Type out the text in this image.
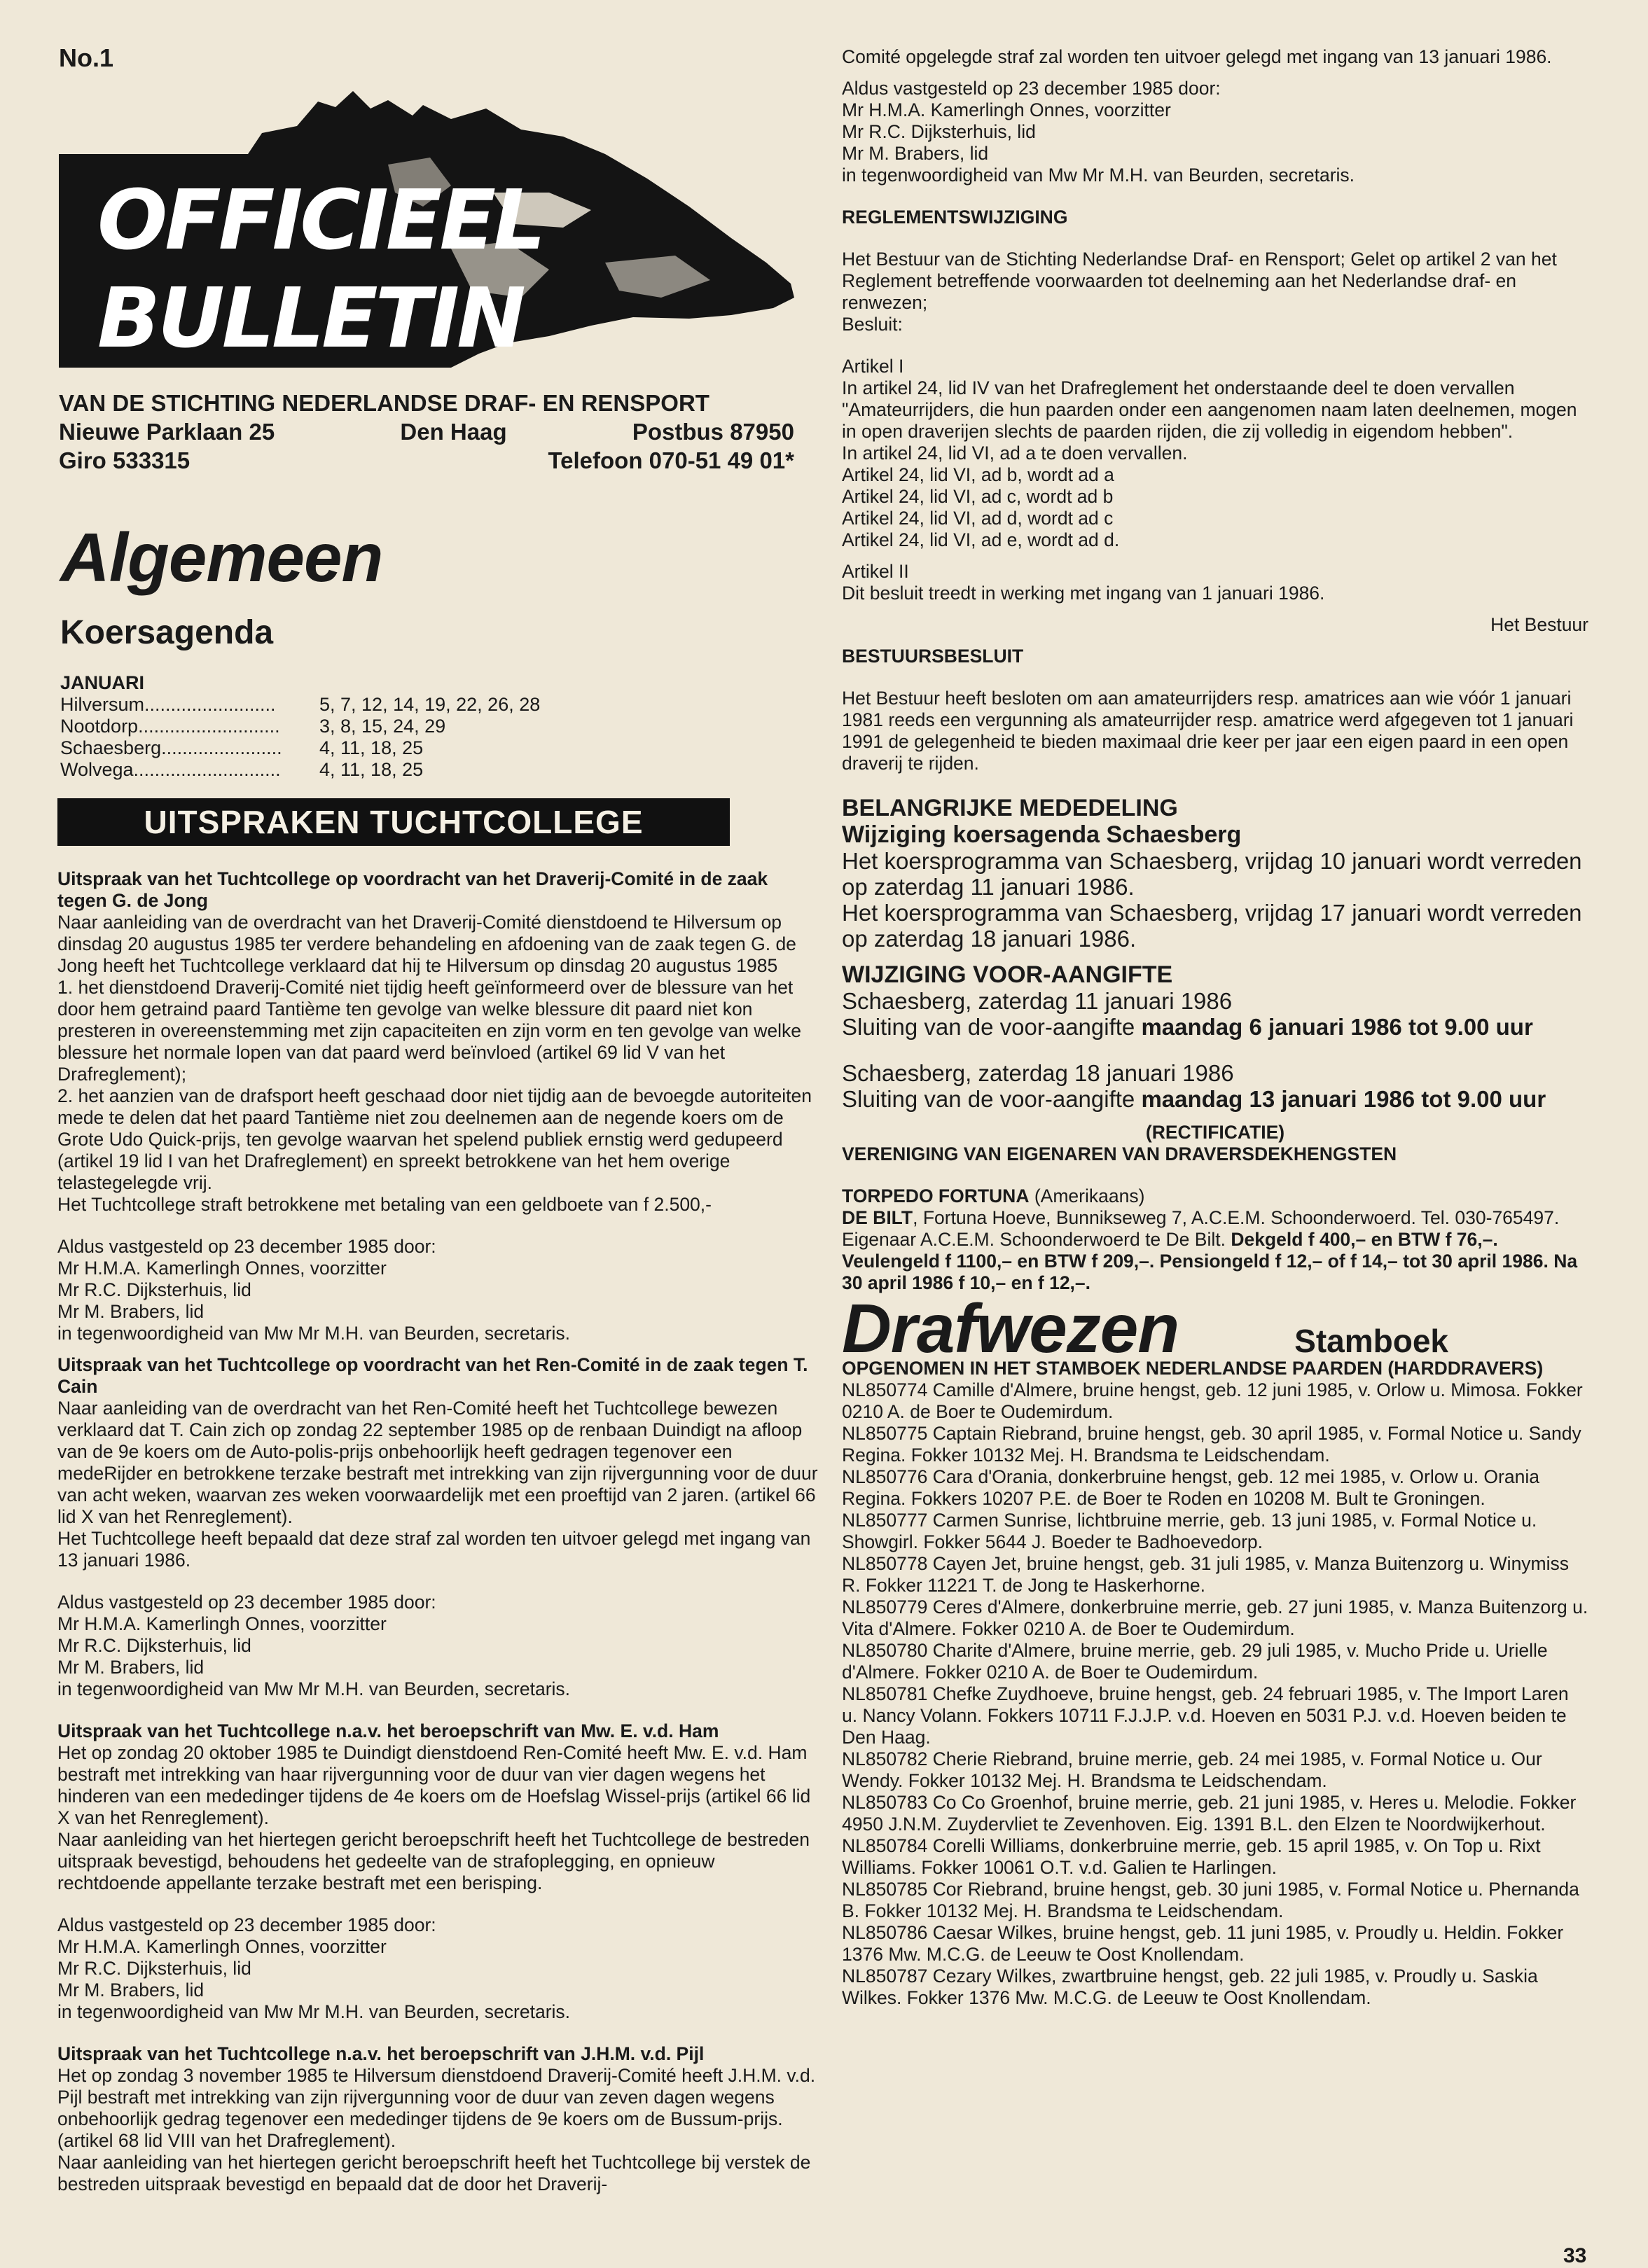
No.1
OFFICIEEL
BULLETIN
VAN DE STICHTING NEDERLANDSE DRAF- EN RENSPORT
Nieuwe Parklaan 25	Den Haag	Postbus 87950
Giro 533315	Telefoon 070-51 49 01*
Algemeen
Koersagenda
JANUARI
Hilversum.........................	5, 7, 12, 14, 19, 22, 26, 28
Nootdorp...........................	3, 8, 15, 24, 29
Schaesberg.......................	4, 11, 18, 25
Wolvega............................	4, 11, 18, 25
UITSPRAKEN TUCHTCOLLEGE

Uitspraak van het Tuchtcollege op voordracht van het Draverij-Comité in de zaak tegen G. de Jong

Naar aanleiding van de overdracht van het Draverij-Comité dienstdoend te Hilversum op dinsdag 20 augustus 1985 ter verdere behandeling en afdoening van de zaak tegen G. de Jong heeft het Tuchtcollege verklaard dat hij te Hilversum op dinsdag 20 augustus 1985

1. het dienstdoend Draverij-Comité niet tijdig heeft geïnformeerd over de blessure van het door hem getraind paard Tantième ten gevolge van welke blessure dit paard niet kon presteren in overeenstemming met zijn capaciteiten en zijn vorm en ten gevolge van welke blessure het normale lopen van dat paard werd beïnvloed (artikel 69 lid V van het Drafreglement);

2. het aanzien van de drafsport heeft geschaad door niet tijdig aan de bevoegde autoriteiten mede te delen dat het paard Tantième niet zou deelnemen aan de negende koers om de Grote Udo Quick-prijs, ten gevolge waarvan het spelend publiek ernstig werd gedupeerd (artikel 19 lid I van het Drafreglement) en spreekt betrokkene van het hem overige telastegelegde vrij.

Het Tuchtcollege straft betrokkene met betaling van een geldboete van f 2.500,-

Aldus vastgesteld op 23 december 1985 door:

Mr H.M.A. Kamerlingh Onnes, voorzitter

Mr R.C. Dijksterhuis, lid

Mr M. Brabers, lid

in tegenwoordigheid van Mw Mr M.H. van Beurden, secretaris.

Uitspraak van het Tuchtcollege op voordracht van het Ren-Comité in de zaak tegen T. Cain

Naar aanleiding van de overdracht van het Ren-Comité heeft het Tuchtcollege bewezen verklaard dat T. Cain zich op zondag 22 september 1985 op de renbaan Duindigt na afloop van de 9e koers om de Auto-polis-prijs onbehoorlijk heeft gedragen tegenover een medeRijder en betrokkene terzake bestraft met intrekking van zijn rijvergunning voor de duur van acht weken, waarvan zes weken voorwaardelijk met een proeftijd van 2 jaren. (artikel 66 lid X van het Renreglement).

Het Tuchtcollege heeft bepaald dat deze straf zal worden ten uitvoer gelegd met ingang van 13 januari 1986.

Aldus vastgesteld op 23 december 1985 door:

Mr H.M.A. Kamerlingh Onnes, voorzitter

Mr R.C. Dijksterhuis, lid

Mr M. Brabers, lid

in tegenwoordigheid van Mw Mr M.H. van Beurden, secretaris.

Uitspraak van het Tuchtcollege n.a.v. het beroepschrift van Mw. E. v.d. Ham

Het op zondag 20 oktober 1985 te Duindigt dienstdoend Ren-Comité heeft Mw. E. v.d. Ham bestraft met intrekking van haar rijvergunning voor de duur van vier dagen wegens het hinderen van een mededinger tijdens de 4e koers om de Hoefslag Wissel-prijs (artikel 66 lid X van het Renreglement).

Naar aanleiding van het hiertegen gericht beroepschrift heeft het Tuchtcollege de bestreden uitspraak bevestigd, behoudens het gedeelte van de strafoplegging, en opnieuw rechtdoende appellante terzake bestraft met een berisping.

Aldus vastgesteld op 23 december 1985 door:

Mr H.M.A. Kamerlingh Onnes, voorzitter

Mr R.C. Dijksterhuis, lid

Mr M. Brabers, lid

in tegenwoordigheid van Mw Mr M.H. van Beurden, secretaris.

Uitspraak van het Tuchtcollege n.a.v. het beroepschrift van J.H.M. v.d. Pijl

Het op zondag 3 november 1985 te Hilversum dienstdoend Draverij-Comité heeft J.H.M. v.d. Pijl bestraft met intrekking van zijn rijvergunning voor de duur van zeven dagen wegens onbehoorlijk gedrag tegenover een mededinger tijdens de 9e koers om de Bussum-prijs. (artikel 68 lid VIII van het Drafreglement).

Naar aanleiding van het hiertegen gericht beroepschrift heeft het Tuchtcollege bij verstek de bestreden uitspraak bevestigd en bepaald dat de door het Draverij-

Comité opgelegde straf zal worden ten uitvoer gelegd met ingang van 13 januari 1986.

Aldus vastgesteld op 23 december 1985 door:

Mr H.M.A. Kamerlingh Onnes, voorzitter

Mr R.C. Dijksterhuis, lid

Mr M. Brabers, lid

in tegenwoordigheid van Mw Mr M.H. van Beurden, secretaris.

REGLEMENTSWIJZIGING

Het Bestuur van de Stichting Nederlandse Draf- en Rensport; Gelet op artikel 2 van het Reglement betreffende voorwaarden tot deelneming aan het Nederlandse draf- en renwezen;

Besluit:

Artikel I

In artikel 24, lid IV van het Drafreglement het onderstaande deel te doen vervallen "Amateurrijders, die hun paarden onder een aangenomen naam laten deelnemen, mogen in open draverijen slechts de paarden rijden, die zij volledig in eigendom hebben".

In artikel 24, lid VI, ad a te doen vervallen.

Artikel 24, lid VI, ad b, wordt ad a

Artikel 24, lid VI, ad c, wordt ad b

Artikel 24, lid VI, ad d, wordt ad c

Artikel 24, lid VI, ad e, wordt ad d.

Artikel II

Dit besluit treedt in werking met ingang van 1 januari 1986.

Het Bestuur

BESTUURSBESLUIT

Het Bestuur heeft besloten om aan amateurrijders resp. amatrices aan wie vóór 1 januari 1981 reeds een vergunning als amateurrijder resp. amatrice werd afgegeven tot 1 januari 1991 de gelegenheid te bieden maximaal drie keer per jaar een eigen paard in een open draverij te rijden.

BELANGRIJKE MEDEDELING

Wijziging koersagenda Schaesberg

Het koersprogramma van Schaesberg, vrijdag 10 januari wordt verreden op zaterdag 11 januari 1986.

Het koersprogramma van Schaesberg, vrijdag 17 januari wordt verreden op zaterdag 18 januari 1986.

WIJZIGING VOOR-AANGIFTE

Schaesberg, zaterdag 11 januari 1986

Sluiting van de voor-aangifte maandag 6 januari 1986 tot 9.00 uur

Schaesberg, zaterdag 18 januari 1986

Sluiting van de voor-aangifte maandag 13 januari 1986 tot 9.00 uur

(RECTIFICATIE)

VERENIGING VAN EIGENAREN VAN DRAVERSDEKHENGSTEN

TORPEDO FORTUNA (Amerikaans)

DE BILT, Fortuna Hoeve, Bunnikseweg 7, A.C.E.M. Schoonderwoerd. Tel. 030-765497. Eigenaar A.C.E.M. Schoonderwoerd te De Bilt. Dekgeld f 400,– en BTW f 76,–. Veulengeld f 1100,– en BTW f 209,–. Pensiongeld f 12,– of f 14,– tot 30 april 1986. Na 30 april 1986 f 10,– en f 12,–.

Drafwezen	Stamboek

OPGENOMEN IN HET STAMBOEK NEDERLANDSE PAARDEN (HARDDRAVERS)

NL850774 Camille d'Almere, bruine hengst, geb. 12 juni 1985, v. Orlow u. Mimosa. Fokker 0210 A. de Boer te Oudemirdum.

NL850775 Captain Riebrand, bruine hengst, geb. 30 april 1985, v. Formal Notice u. Sandy Regina. Fokker 10132 Mej. H. Brandsma te Leidschendam.

NL850776 Cara d'Orania, donkerbruine hengst, geb. 12 mei 1985, v. Orlow u. Orania Regina. Fokkers 10207 P.E. de Boer te Roden en 10208 M. Bult te Groningen.

NL850777 Carmen Sunrise, lichtbruine merrie, geb. 13 juni 1985, v. Formal Notice u. Showgirl. Fokker 5644 J. Boeder te Badhoevedorp.

NL850778 Cayen Jet, bruine hengst, geb. 31 juli 1985, v. Manza Buitenzorg u. Winymiss R. Fokker 11221 T. de Jong te Haskerhorne.

NL850779 Ceres d'Almere, donkerbruine merrie, geb. 27 juni 1985, v. Manza Buitenzorg u. Vita d'Almere. Fokker 0210 A. de Boer te Oudemirdum.

NL850780 Charite d'Almere, bruine merrie, geb. 29 juli 1985, v. Mucho Pride u. Urielle d'Almere. Fokker 0210 A. de Boer te Oudemirdum.

NL850781 Chefke Zuydhoeve, bruine hengst, geb. 24 februari 1985, v. The Import Laren u. Nancy Volann. Fokkers 10711 F.J.J.P. v.d. Hoeven en 5031 P.J. v.d. Hoeven beiden te Den Haag.

NL850782 Cherie Riebrand, bruine merrie, geb. 24 mei 1985, v. Formal Notice u. Our Wendy. Fokker 10132 Mej. H. Brandsma te Leidschendam.

NL850783 Co Co Groenhof, bruine merrie, geb. 21 juni 1985, v. Heres u. Melodie. Fokker 4950 J.N.M. Zuydervliet te Zevenhoven. Eig. 1391 B.L. den Elzen te Noordwijkerhout.

NL850784 Corelli Williams, donkerbruine merrie, geb. 15 april 1985, v. On Top u. Rixt Williams. Fokker 10061 O.T. v.d. Galien te Harlingen.

NL850785 Cor Riebrand, bruine hengst, geb. 30 juni 1985, v. Formal Notice u. Phernanda B. Fokker 10132 Mej. H. Brandsma te Leidschendam.

NL850786 Caesar Wilkes, bruine hengst, geb. 11 juni 1985, v. Proudly u. Heldin. Fokker 1376 Mw. M.C.G. de Leeuw te Oost Knollendam.

NL850787 Cezary Wilkes, zwartbruine hengst, geb. 22 juli 1985, v. Proudly u. Saskia Wilkes. Fokker 1376 Mw. M.C.G. de Leeuw te Oost Knollendam.

33
